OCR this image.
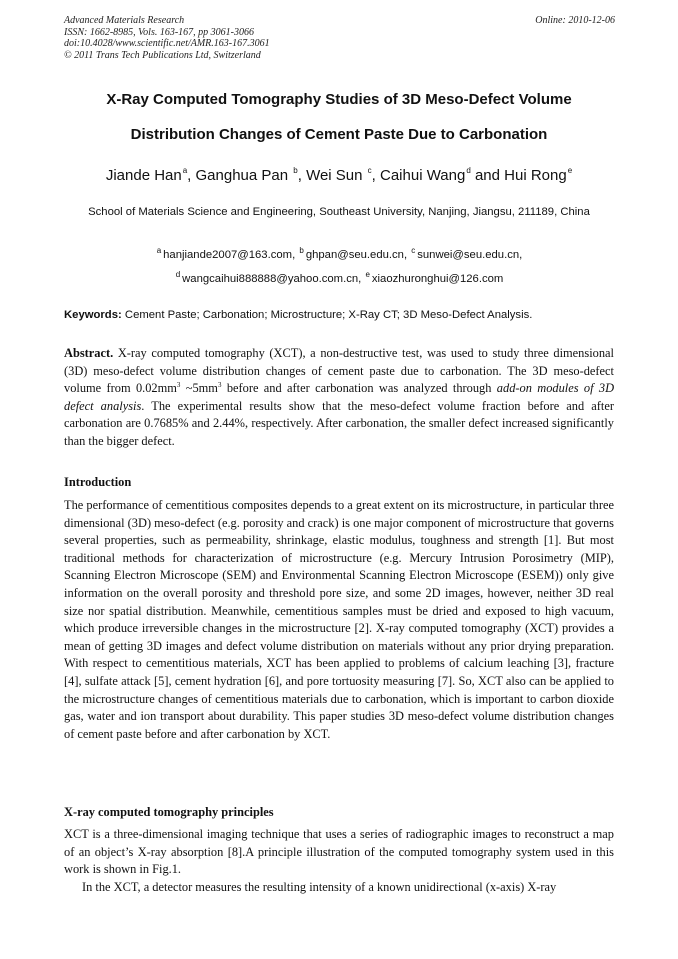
Advanced Materials Research
ISSN: 1662-8985, Vols. 163-167, pp 3061-3066
doi:10.4028/www.scientific.net/AMR.163-167.3061
© 2011 Trans Tech Publications Ltd, Switzerland
Online: 2010-12-06
X-Ray Computed Tomography Studies of 3D Meso-Defect Volume
Distribution Changes of Cement Paste Due to Carbonation
Jiande Han$^a$, Ganghua Pan $^b$, Wei Sun $^c$, Caihui Wang$^d$ and Hui Rong$^e$
School of Materials Science and Engineering, Southeast University, Nanjing, Jiangsu, 211189, China
$^a$ hanjiande2007@163.com, $^b$ ghpan@seu.edu.cn, $^c$ sunwei@seu.edu.cn,
$^d$ wangcaihui888888@yahoo.com.cn, $^e$ xiaozhuronghui@126.com
Keywords: Cement Paste; Carbonation; Microstructure; X-Ray CT; 3D Meso-Defect Analysis.
Abstract. X-ray computed tomography (XCT), a non-destructive test, was used to study three dimensional (3D) meso-defect volume distribution changes of cement paste due to carbonation. The 3D meso-defect volume from $0.02mm^3$ $\sim 5mm^3$ before and after carbonation was analyzed through add-on modules of 3D defect analysis. The experimental results show that the meso-defect volume fraction before and after carbonation are 0.7685% and 2.44%, respectively. After carbonation, the smaller defect increased significantly than the bigger defect.
Introduction

The performance of cementitious composites depends to a great extent on its microstructure, in particular three dimensional (3D) meso-defect (e.g. porosity and crack) is one major component of microstructure that governs several properties, such as permeability, shrinkage, elastic modulus, toughness and strength [1]. But most traditional methods for characterization of microstructure (e.g. Mercury Intrusion Porosimetry (MIP), Scanning Electron Microscope (SEM) and Environmental Scanning Electron Microscope (ESEM)) only give information on the overall porosity and threshold pore size, and some 2D images, however, neither 3D real size nor spatial distribution. Meanwhile, cementitious samples must be dried and exposed to high vacuum, which produce irreversible changes in the microstructure [2]. X-ray computed tomography (XCT) provides a mean of getting 3D images and defect volume distribution on materials without any prior drying preparation. With respect to cementitious materials, XCT has been applied to problems of calcium leaching [3], fracture [4], sulfate attack [5], cement hydration [6], and pore tortuosity measuring [7]. So, XCT also can be applied to the microstructure changes of cementitious materials due to carbonation, which is important to carbon dioxide gas, water and ion transport about durability. This paper studies 3D meso-defect volume distribution changes of cement paste before and after carbonation by XCT.

X-ray computed tomography principles

XCT is a three-dimensional imaging technique that uses a series of radiographic images to reconstruct a map of an object’s X-ray absorption [8].A principle illustration of the computed tomography system used in this work is shown in Fig.1.

In the XCT, a detector measures the resulting intensity of a known unidirectional (x-axis) X-ray
